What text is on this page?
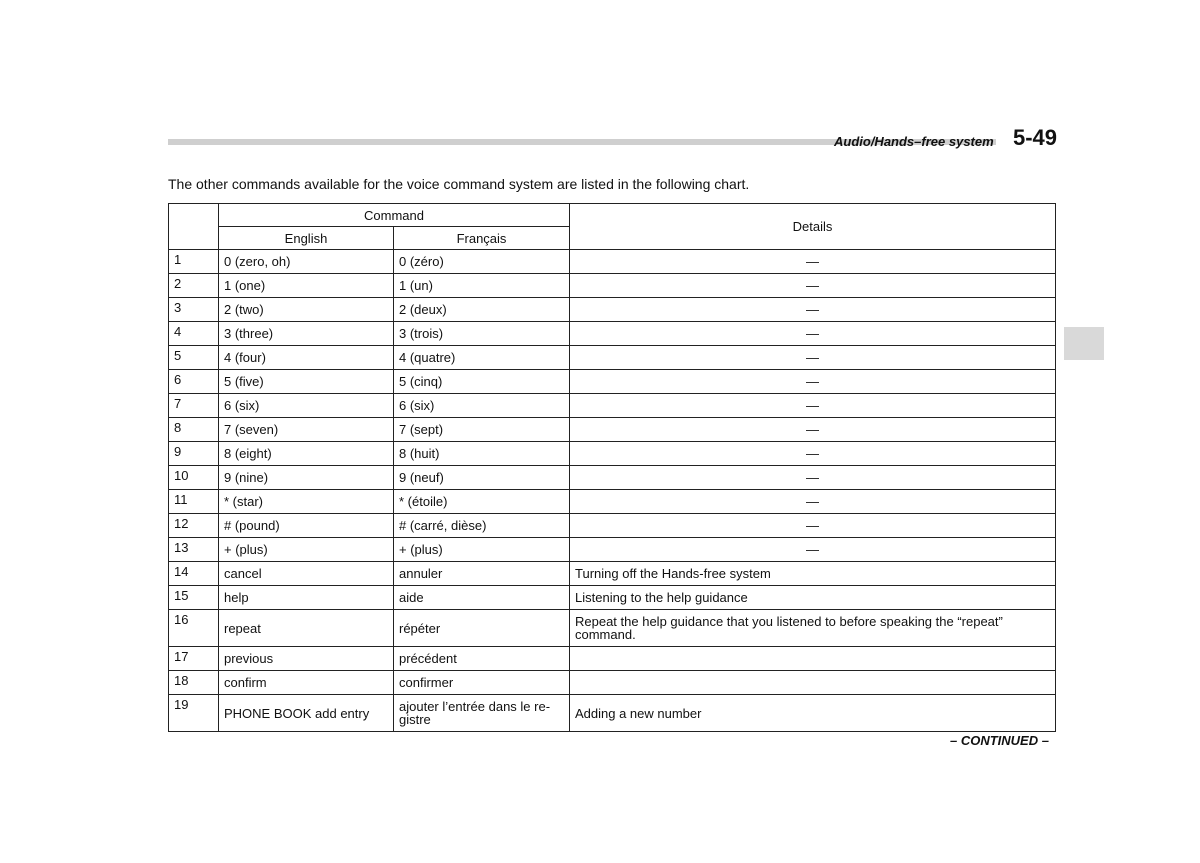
Audio/Hands–free system 5-49
The other commands available for the voice command system are listed in the following chart.
	Command		Details
	English	Français	
1	0 (zero, oh)	0 (zéro)	—
2	1 (one)	1 (un)	—
3	2 (two)	2 (deux)	—
4	3 (three)	3 (trois)	—
5	4 (four)	4 (quatre)	—
6	5 (five)	5 (cinq)	—
7	6 (six)	6 (six)	—
8	7 (seven)	7 (sept)	—
9	8 (eight)	8 (huit)	—
10	9 (nine)	9 (neuf)	—
11	* (star)	* (étoile)	—
12	# (pound)	# (carré, dièse)	—
13	+ (plus)	+ (plus)	—
14	cancel	annuler	Turning off the Hands-free system
15	help	aide	Listening to the help guidance
16	repeat	répéter	Repeat the help guidance that you listened to before speaking the “repeat” command.
17	previous	précédent	
18	confirm	confirmer	
19	PHONE BOOK add entry	ajouter l’entrée dans le re-gistre	Adding a new number
– CONTINUED –
